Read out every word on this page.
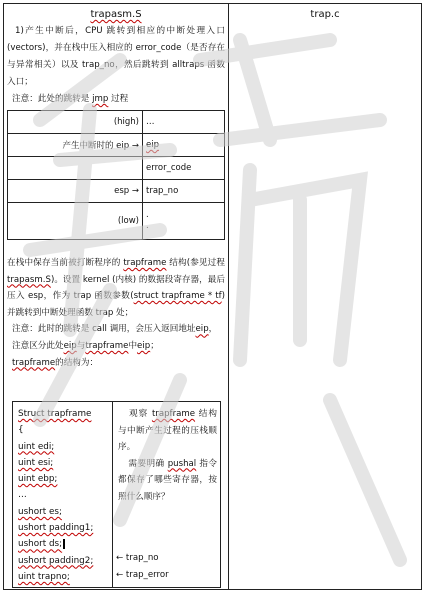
trapasm.S
1)产生中断后，CPU 跳转到相应的中断处理入口(vectors)，并在栈中压入相应的 error_code（是否存在与异常相关）以及 trap_no，然后跳转到 alltraps 函数入口；
注意：此处的跳转是 jmp 过程
(high)	…
产生中断时的 eip →	eip
	error_code
esp →	trap_no
(low)	.
.
在栈中保存当前被打断程序的 trapframe 结构(参见过程trapasm.S)。设置 kernel (内核) 的数据段寄存器，最后压入 esp，作为 trap 函数参数(struct trapframe * tf) 并跳转到中断处理函数 trap 处；
注意：此时的跳转是 call 调用，会压入返回地址eip，注意区分此处eip与trapframe中eip；
trapframe的结构为：
Struct trapframe
{
uint edi;
uint esi;
uint ebp;
…
ushort es;
ushort padding1;
ushort ds;
ushort padding2;
uint trapno;

观察 trapframe 结构与中断产生过程的压栈顺序。

需要明确 pushal 指令都保存了哪些寄存器，按照什么顺序？

← trap_no
← trap_error
trap.c
